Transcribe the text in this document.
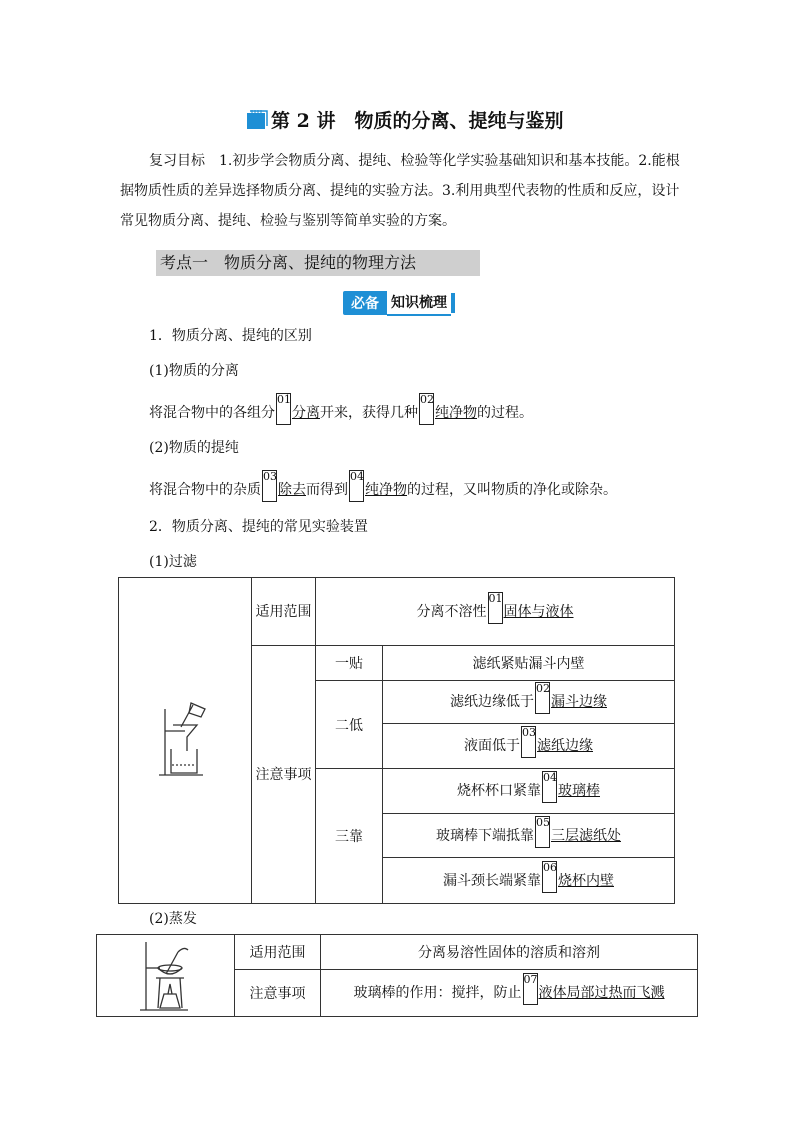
第 2 讲　物质的分离、提纯与鉴别
复习目标　 1.初步学会物质分离、提纯、检验等化学实验基础知识和基本技能。2.能根据物质性质的差异选择物质分离、提纯的实验方法。3.利用典型代表物的性质和反应，设计常见物质分离、提纯、检验与鉴别等简单实验的方案。
考点一　物质分离、提纯的物理方法
必备 知识梳理
1．物质分离、提纯的区别
(1)物质的分离
将混合物中的各组分01分离开来，获得几种02纯净物的过程。
(2)物质的提纯
将混合物中的杂质03除去而得到04纯净物的过程，又叫物质的净化或除杂。
2．物质分离、提纯的常见实验装置
(1)过滤
	适用范围	分离不溶性01固体与液体	
	注意事项	一贴	滤纸紧贴漏斗内壁
		二低	滤纸边缘低于02漏斗边缘
			液面低于03滤纸边缘
		三靠	烧杯杯口紧靠04玻璃棒
			玻璃棒下端抵靠05三层滤纸处
			漏斗颈长端紧靠06烧杯内壁
(2)蒸发
	适用范围	分离易溶性固体的溶质和溶剂
	注意事项	玻璃棒的作用：搅拌，防止07液体局部过热而飞溅
